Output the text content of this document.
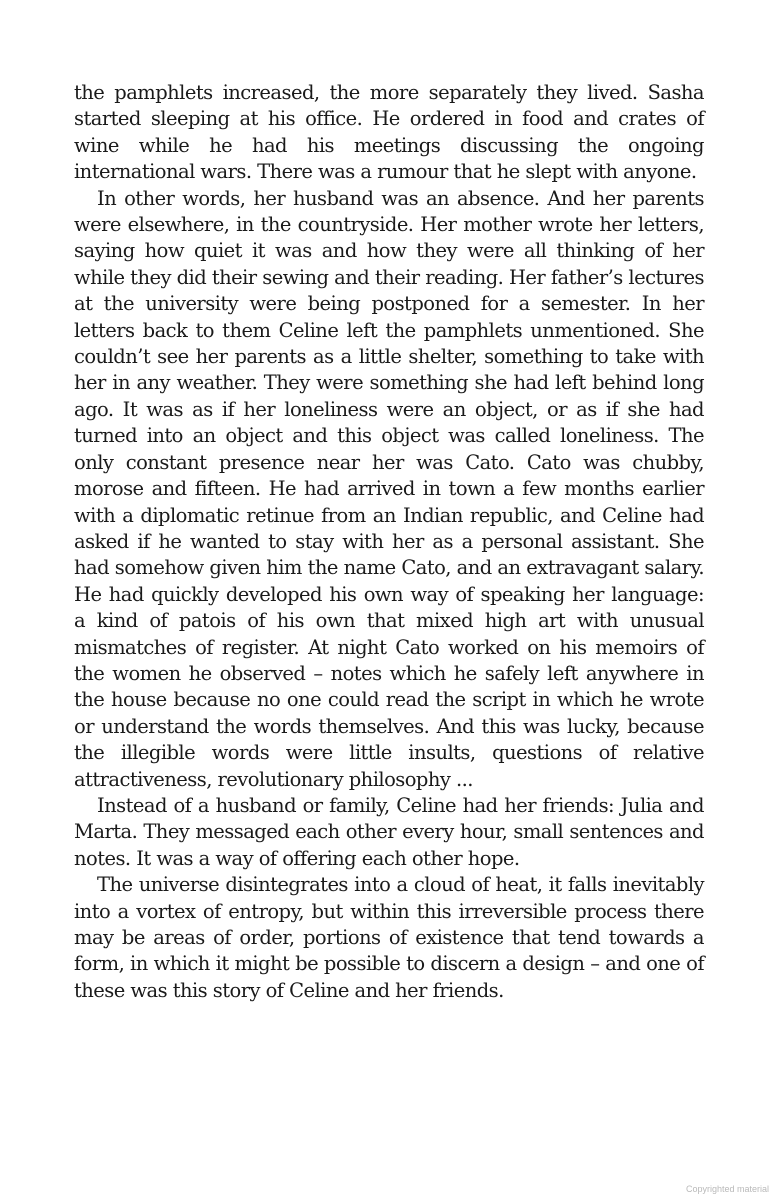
the pamphlets increased, the more separately they lived. Sasha started sleeping at his office. He ordered in food and crates of wine while he had his meetings discussing the ongoing international wars. There was a rumour that he slept with anyone.

In other words, her husband was an absence. And her parents were elsewhere, in the countryside. Her mother wrote her letters, saying how quiet it was and how they were all thinking of her while they did their sewing and their reading. Her father’s lectures at the university were being postponed for a semester. In her letters back to them Celine left the pamphlets unmentioned. She couldn’t see her parents as a little shelter, something to take with her in any weather. They were something she had left behind long ago. It was as if her loneliness were an object, or as if she had turned into an object and this object was called loneliness. The only constant presence near her was Cato. Cato was chubby, morose and fifteen. He had arrived in town a few months earlier with a diplomatic retinue from an Indian republic, and Celine had asked if he wanted to stay with her as a personal assistant. She had somehow given him the name Cato, and an extravagant salary. He had quickly developed his own way of speaking her language: a kind of patois of his own that mixed high art with unusual mismatches of register. At night Cato worked on his memoirs of the women he observed – notes which he safely left anywhere in the house because no one could read the script in which he wrote or understand the words themselves. And this was lucky, because the illegible words were little insults, questions of relative attractiveness, revolutionary philosophy ...

Instead of a husband or family, Celine had her friends: Julia and Marta. They messaged each other every hour, small sentences and notes. It was a way of offering each other hope.

The universe disintegrates into a cloud of heat, it falls inevitably into a vortex of entropy, but within this irreversible process there may be areas of order, portions of existence that tend towards a form, in which it might be possible to discern a design – and one of these was this story of Celine and her friends.

Copyrighted material
